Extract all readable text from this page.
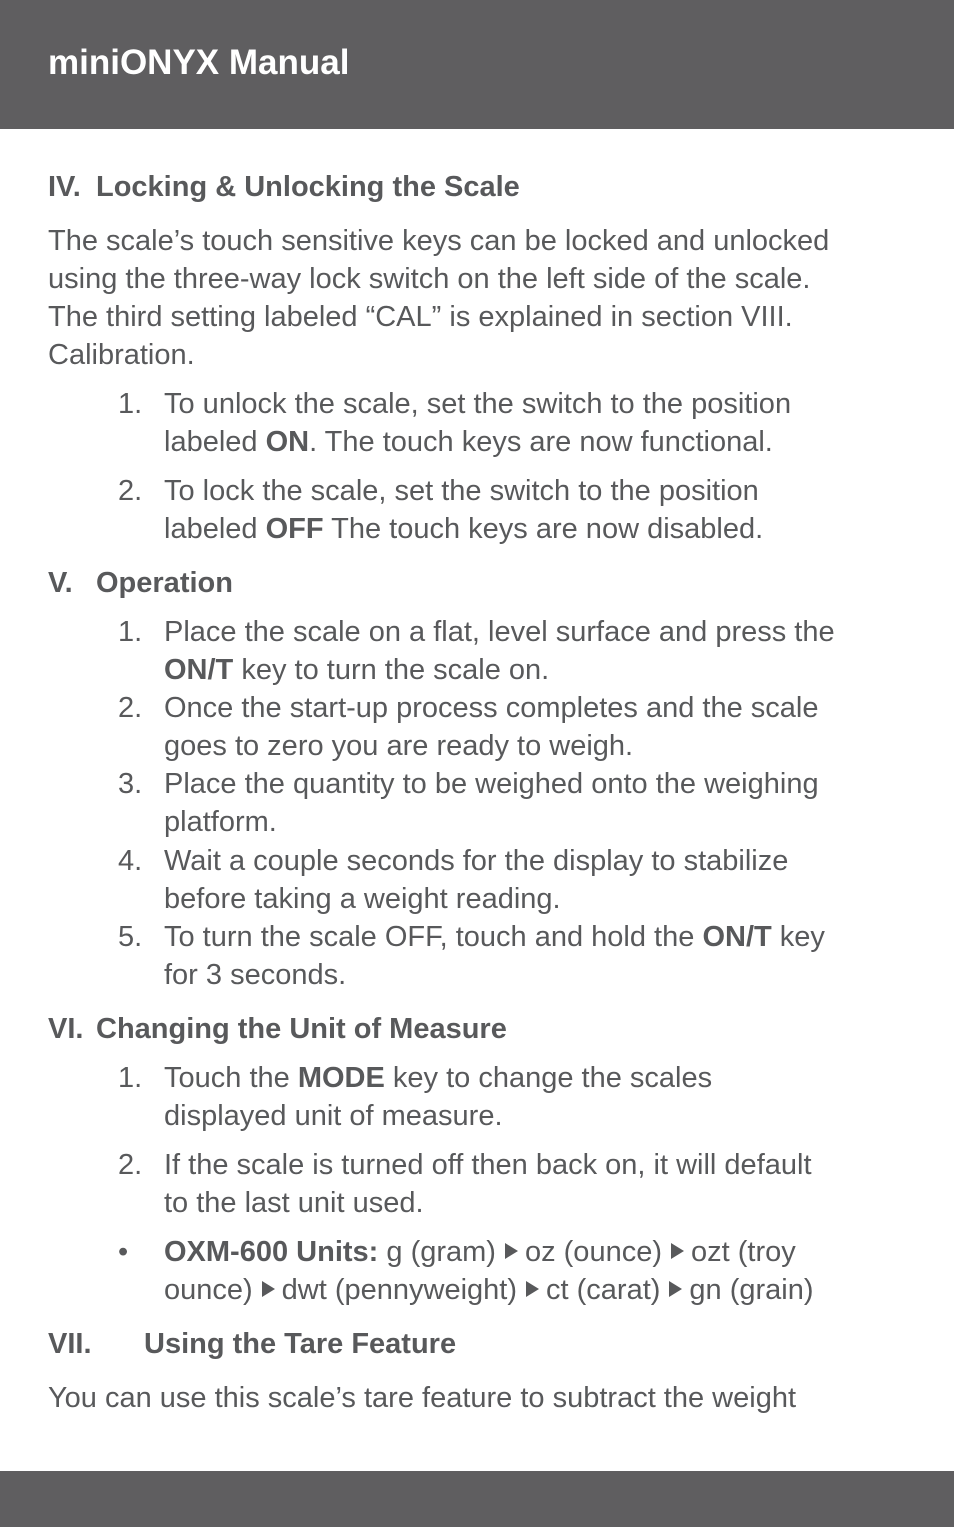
miniONYX Manual
IV. Locking & Unlocking the Scale
The scale’s touch sensitive keys can be locked and unlocked
using the three-way lock switch on the left side of the scale.
The third setting labeled “CAL” is explained in section VIII.
Calibration.
1. To unlock the scale, set the switch to the position
labeled ON. The touch keys are now functional.
2. To lock the scale, set the switch to the position
labeled OFF The touch keys are now disabled.
V. Operation
1. Place the scale on a flat, level surface and press the
ON/T key to turn the scale on.
2. Once the start-up process completes and the scale
goes to zero you are ready to weigh.
3. Place the quantity to be weighed onto the weighing
platform.
4. Wait a couple seconds for the display to stabilize
before taking a weight reading.
5. To turn the scale OFF, touch and hold the ON/T key
for 3 seconds.
VI. Changing the Unit of Measure
1. Touch the MODE key to change the scales
displayed unit of measure.
2. If the scale is turned off then back on, it will default
to the last unit used.
•	OXM-600 Units: g (gram) oz (ounce) ozt (troy
ounce) dwt (pennyweight) ct (carat) gn (grain)
VII. Using the Tare Feature
You can use this scale’s tare feature to subtract the weight
